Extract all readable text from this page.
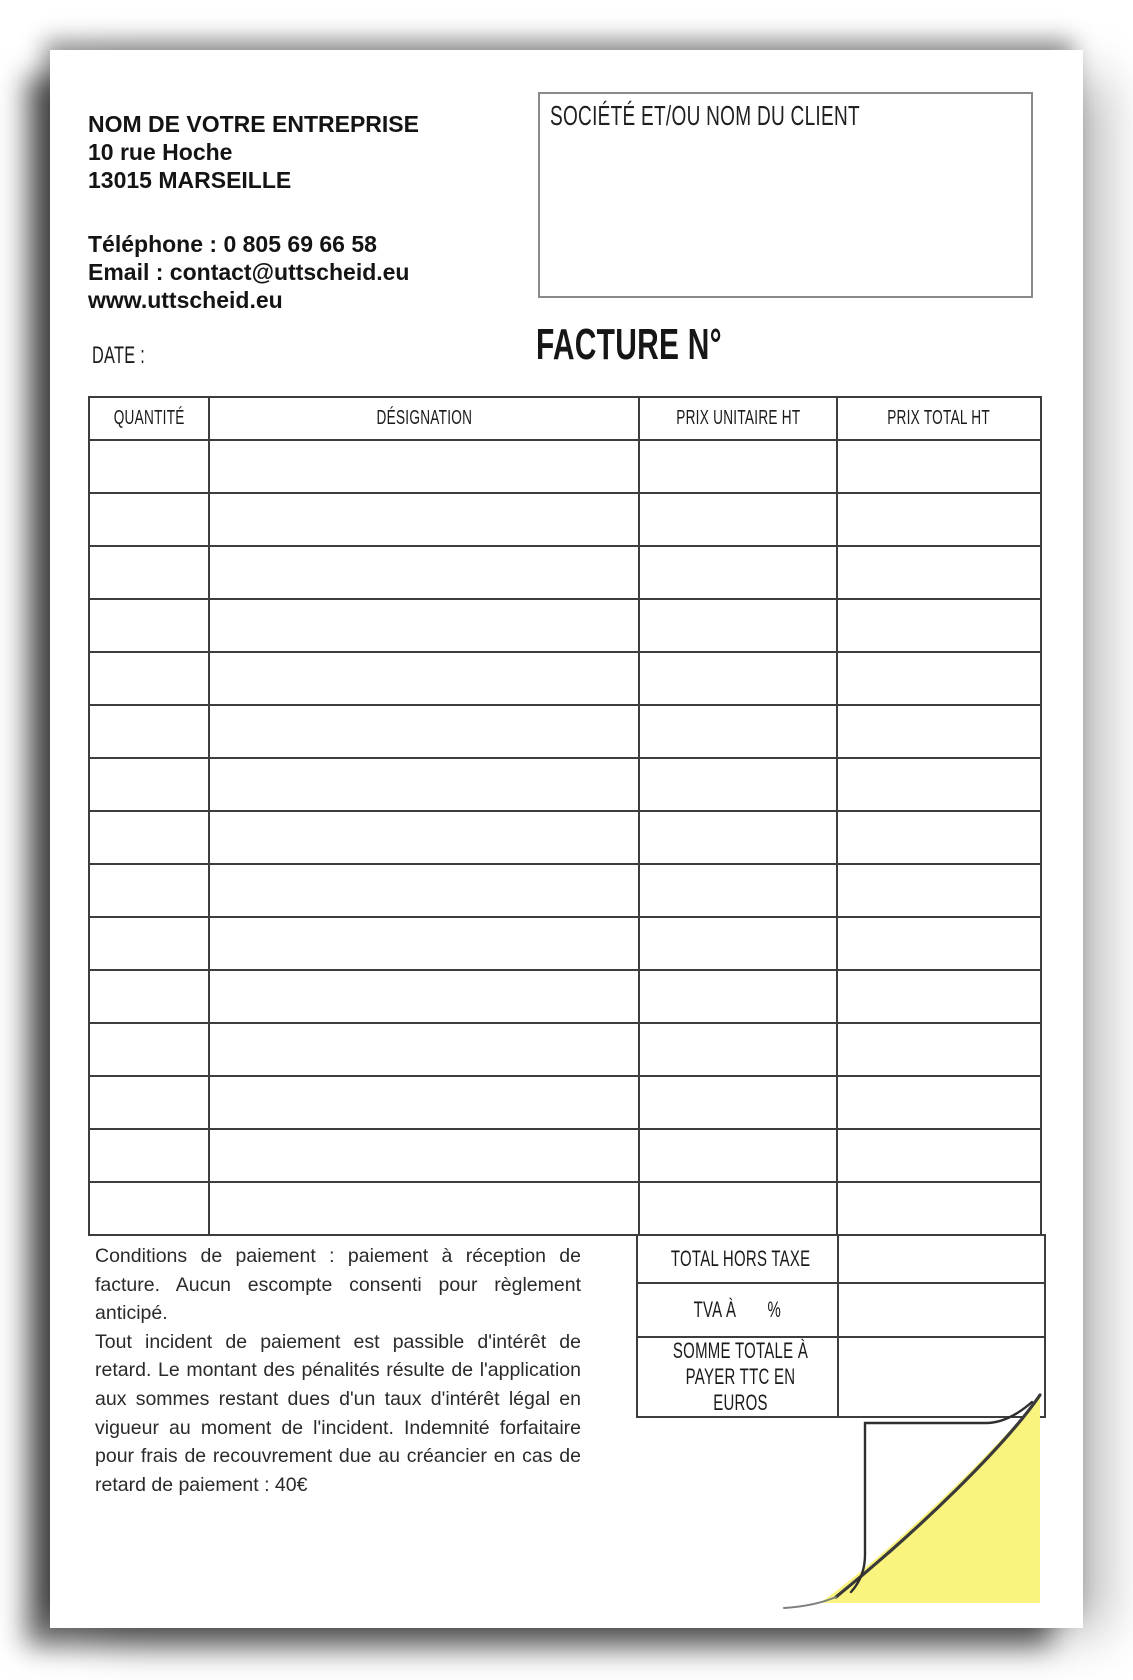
NOM DE VOTRE ENTREPRISE
10 rue Hoche
13015 MARSEILLE
Téléphone : 0 805 69 66 58
Email : contact@uttscheid.eu
www.uttscheid.eu
SOCIÉTÉ ET/OU NOM DU CLIENT
DATE :	FACTURE N°
QUANTITÉ	DÉSIGNATION	PRIX UNITAIRE HT	PRIX TOTAL HT

TOTAL HORS TAXE	
TVA À %	
SOMME TOTALE À PAYER TTC EN EUROS	

Conditions de paiement : paiement à réception de facture. Aucun escompte consenti pour règlement anticipé.

Tout incident de paiement est passible d'intérêt de retard. Le montant des pénalités résulte de l'application aux sommes restant dues d'un taux d'intérêt légal en vigueur au moment de l'incident. Indemnité forfaitaire pour frais de recouvrement due au créancier en cas de retard de paiement : 40€
